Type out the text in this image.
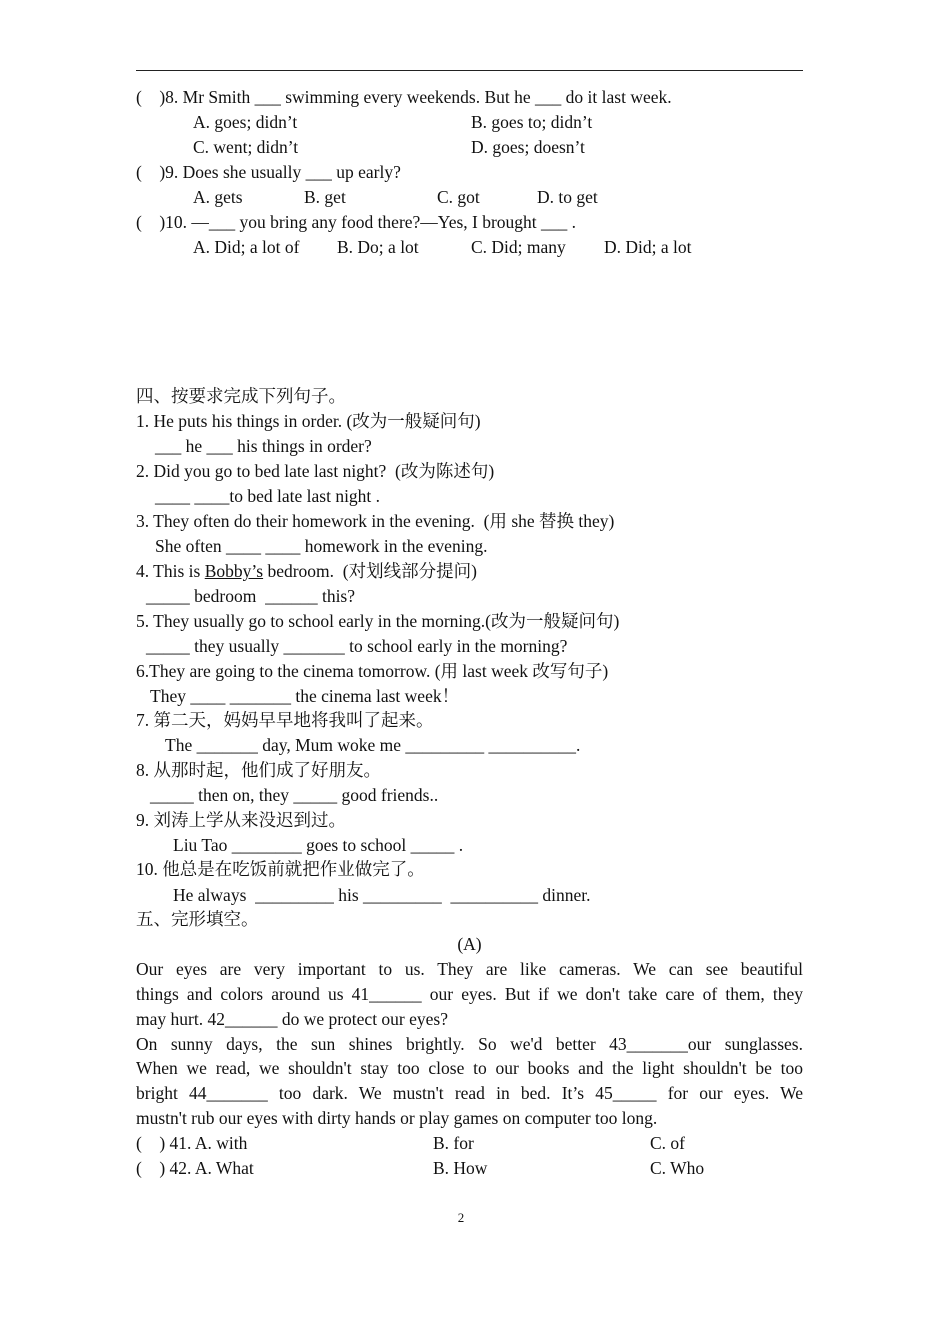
(    )8. Mr Smith ___ swimming every weekends. But he ___ do it last week.
A. goes; didn’t	B. goes to; didn’t
C. went; didn’t	D. goes; doesn’t
(    )9. Does she usually ___ up early?
A. gets	B. get	C. got	D. to get
(    )10. —___ you bring any food there?—Yes, I brought ___ .
A. Did; a lot of B. Do; a lot	C. Did; many D. Did; a lot
四、按要求完成下列句子。
1. He puts his things in order. (改为一般疑问句)
___ he ___ his things in order?
2. Did you go to bed late last night?  (改为陈述句)
____ ____to bed late last night .
3. They often do their homework in the evening.  (用 she 替换 they)
She often ____ ____ homework in the evening.
4. This is Bobby’s bedroom.  (对划线部分提问)
_____ bedroom  ______ this?
5. They usually go to school early in the morning.(改为一般疑问句)
_____ they usually _______ to school early in the morning?
6.They are going to the cinema tomorrow. (用 last week 改写句子)
They ____ _______ the cinema last week！
7. 第二天，妈妈早早地将我叫了起来。
The _______ day, Mum woke me _________ __________.
8. 从那时起，他们成了好朋友。
_____ then on, they _____ good friends..
9. 刘涛上学从来没迟到过。
Liu Tao ________ goes to school _____ .
10. 他总是在吃饭前就把作业做完了。
He always  _________ his _________  __________ dinner.
五、完形填空。
(A)
Our eyes are very important to us. They are like cameras. We can see beautiful
things and colors around us 41______ our eyes. But if we don't take care of them, they
may hurt. 42______ do we protect our eyes?
On sunny days, the sun shines brightly. So we'd better 43_______our sunglasses.
When we read, we shouldn't stay too close to our books and the light shouldn't be too
bright 44_______ too dark. We mustn't read in bed. It’s 45_____ for our eyes. We
mustn't rub our eyes with dirty hands or play games on computer too long.
(    ) 41. A. with	B. for	C. of
(    ) 42. A. What	B. How	C. Who
2
